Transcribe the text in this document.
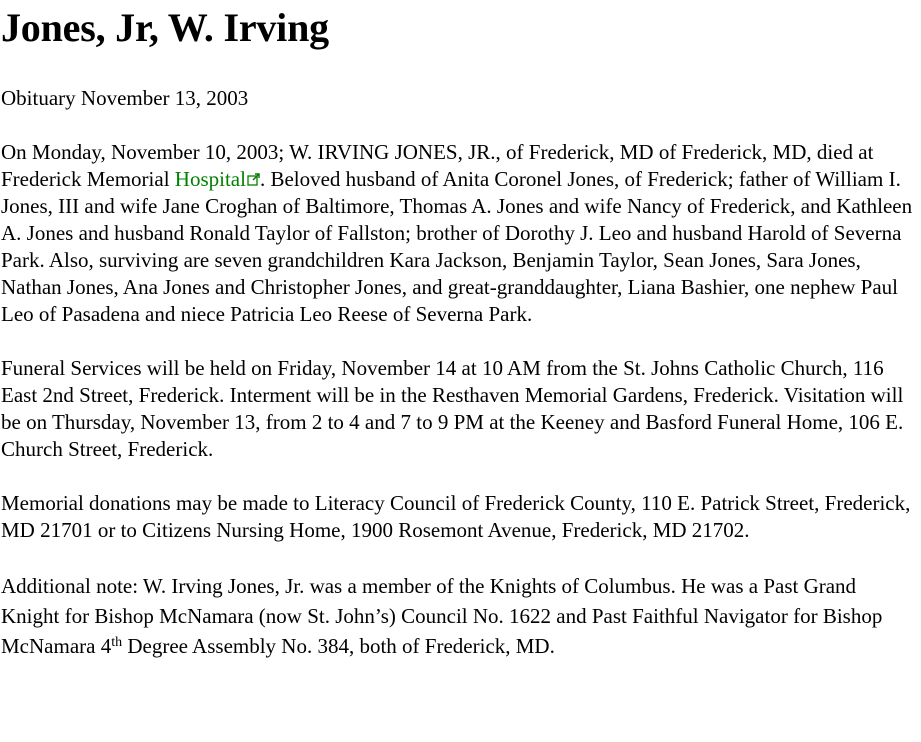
Jones, Jr, W. Irving
Obituary November 13, 2003

On Monday, November 10, 2003; W. IRVING JONES, JR., of Frederick, MD of Frederick, MD, died at Frederick Memorial Hospital . Beloved husband of Anita Coronel Jones, of Frederick; father of William I. Jones, III and wife Jane Croghan of Baltimore, Thomas A. Jones and wife Nancy of Frederick, and Kathleen A. Jones and husband Ronald Taylor of Fallston; brother of Dorothy J. Leo and husband Harold of Severna Park. Also, surviving are seven grandchildren Kara Jackson, Benjamin Taylor, Sean Jones, Sara Jones, Nathan Jones, Ana Jones and Christopher Jones, and great-granddaughter, Liana Bashier, one nephew Paul Leo of Pasadena and niece Patricia Leo Reese of Severna Park.

Funeral Services will be held on Friday, November 14 at 10 AM from the St. Johns Catholic Church, 116 East 2nd Street, Frederick. Interment will be in the Resthaven Memorial Gardens, Frederick. Visitation will be on Thursday, November 13, from 2 to 4 and 7 to 9 PM at the Keeney and Basford Funeral Home, 106 E. Church Street, Frederick.

Memorial donations may be made to Literacy Council of Frederick County, 110 E. Patrick Street, Frederick, MD 21701 or to Citizens Nursing Home, 1900 Rosemont Avenue, Frederick, MD 21702.

Additional note: W. Irving Jones, Jr. was a member of the Knights of Columbus. He was a Past Grand Knight for Bishop McNamara (now St. John’s) Council No. 1622 and Past Faithful Navigator for Bishop McNamara 4th Degree Assembly No. 384, both of Frederick, MD.
